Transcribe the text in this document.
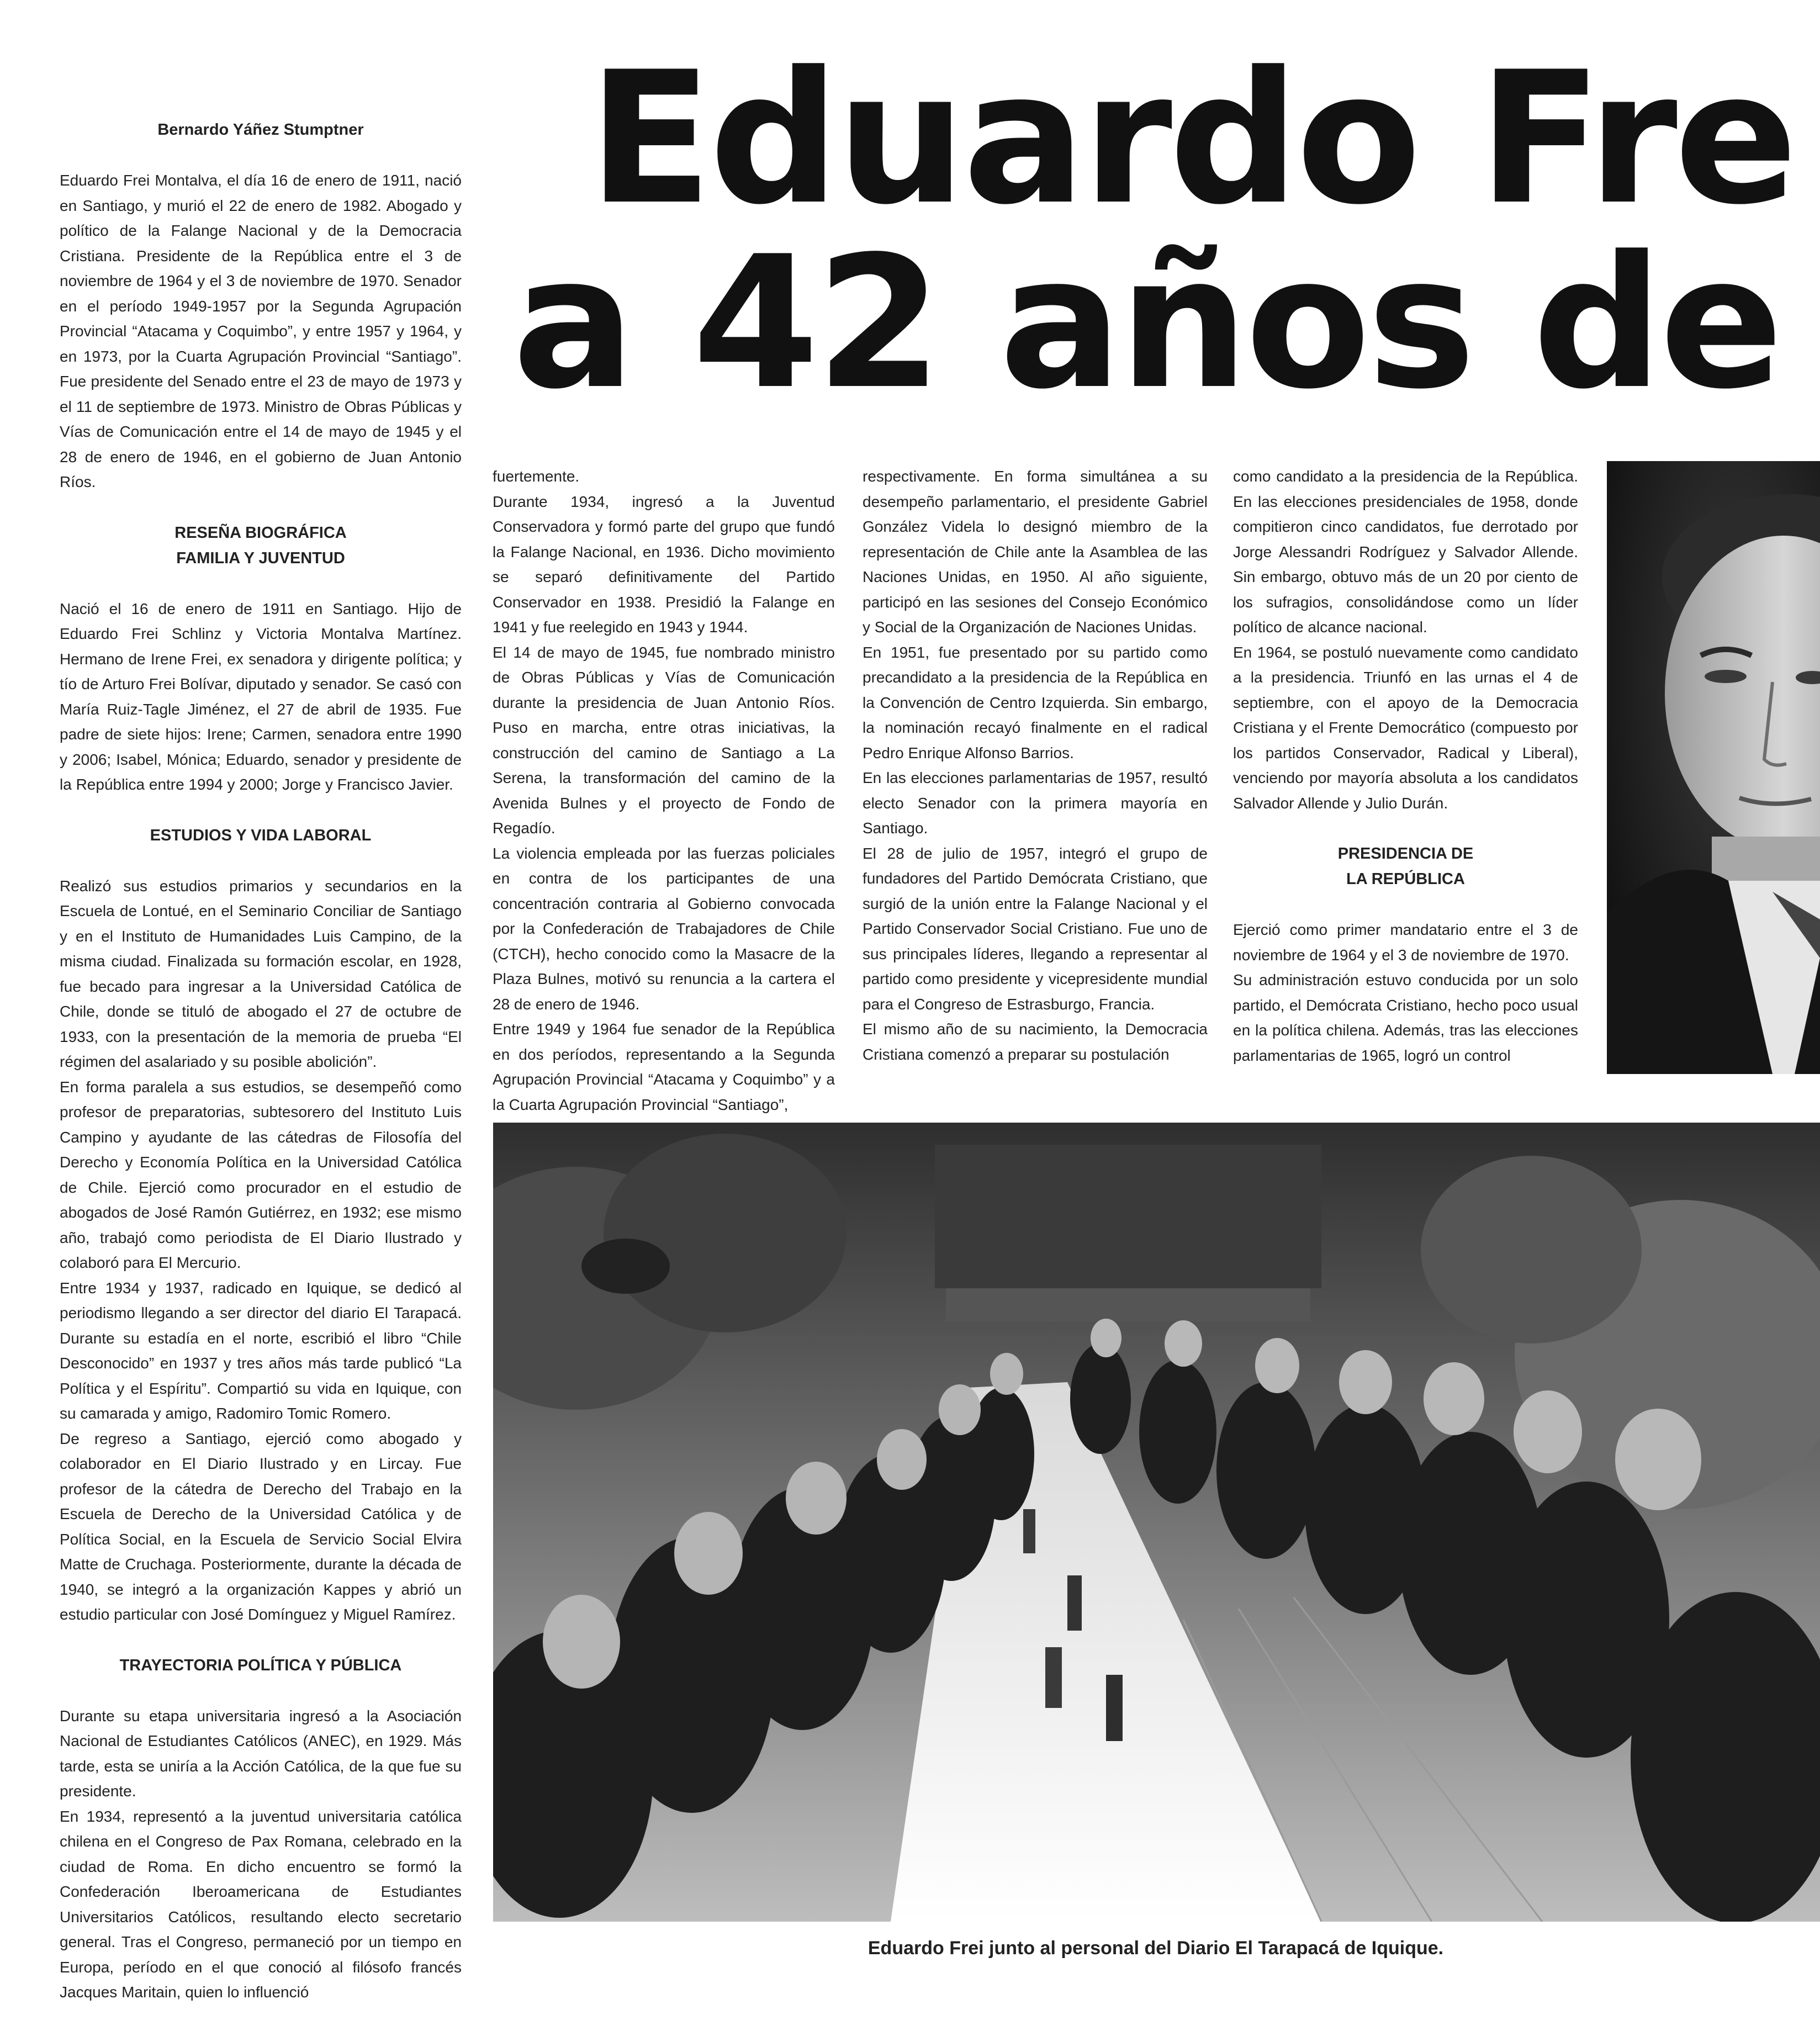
Eduardo Fre
a 42 años de
Bernardo Yáñez Stumptner

Eduardo Frei Montalva, el día 16 de enero de 1911, nació en Santiago, y murió el 22 de enero de 1982. Abogado y político de la Falange Nacional y de la Democracia Cristiana. Presidente de la República entre el 3 de noviembre de 1964 y el 3 de noviembre de 1970. Senador en el período 1949-1957 por la Segunda Agrupación Provincial “Atacama y Coquimbo”, y entre 1957 y 1964, y en 1973, por la Cuarta Agrupación Provincial “Santiago”. Fue presidente del Senado entre el 23 de mayo de 1973 y el 11 de septiembre de 1973. Ministro de Obras Públicas y Vías de Comunicación entre el 14 de mayo de 1945 y el 28 de enero de 1946, en el gobierno de Juan Antonio Ríos.

RESEÑA BIOGRÁFICA
FAMILIA Y JUVENTUD

Nació el 16 de enero de 1911 en Santiago. Hijo de Eduardo Frei Schlinz y Victoria Montalva Martínez. Hermano de Irene Frei, ex senadora y dirigente política; y tío de Arturo Frei Bolívar, diputado y senador. Se casó con María Ruiz-Tagle Jiménez, el 27 de abril de 1935. Fue padre de siete hijos: Irene; Carmen, senadora entre 1990 y 2006; Isabel, Mónica; Eduardo, senador y presidente de la República entre 1994 y 2000; Jorge y Francisco Javier.

ESTUDIOS Y VIDA LABORAL

Realizó sus estudios primarios y secundarios en la Escuela de Lontué, en el Seminario Conciliar de Santiago y en el Instituto de Humanidades Luis Campino, de la misma ciudad. Finalizada su formación escolar, en 1928, fue becado para ingresar a la Universidad Católica de Chile, donde se tituló de abogado el 27 de octubre de 1933, con la presentación de la memoria de prueba “El régimen del asalariado y su posible abolición”.

En forma paralela a sus estudios, se desempeñó como profesor de preparatorias, subtesorero del Instituto Luis Campino y ayudante de las cátedras de Filosofía del Derecho y Economía Política en la Universidad Católica de Chile. Ejerció como procurador en el estudio de abogados de José Ramón Gutiérrez, en 1932; ese mismo año, trabajó como periodista de El Diario Ilustrado y colaboró para El Mercurio.

Entre 1934 y 1937, radicado en Iquique, se dedicó al periodismo llegando a ser director del diario El Tarapacá. Durante su estadía en el norte, escribió el libro “Chile Desconocido” en 1937 y tres años más tarde publicó “La Política y el Espíritu”. Compartió su vida en Iquique, con su camarada y amigo, Radomiro Tomic Romero.

De regreso a Santiago, ejerció como abogado y colaborador en El Diario Ilustrado y en Lircay. Fue profesor de la cátedra de Derecho del Trabajo en la Escuela de Derecho de la Universidad Católica y de Política Social, en la Escuela de Servicio Social Elvira Matte de Cruchaga. Posteriormente, durante la década de 1940, se integró a la organización Kappes y abrió un estudio particular con José Domínguez y Miguel Ramírez.

TRAYECTORIA POLÍTICA Y PÚBLICA

Durante su etapa universitaria ingresó a la Asociación Nacional de Estudiantes Católicos (ANEC), en 1929. Más tarde, esta se uniría a la Acción Católica, de la que fue su presidente.

En 1934, representó a la juventud universitaria católica chilena en el Congreso de Pax Romana, celebrado en la ciudad de Roma. En dicho encuentro se formó la Confederación Iberoamericana de Estudiantes Universitarios Católicos, resultando electo secretario general. Tras el Congreso, permaneció por un tiempo en Europa, período en el que conoció al filósofo francés Jacques Maritain, quien lo influenció

fuertemente.

Durante 1934, ingresó a la Juventud Conservadora y formó parte del grupo que fundó la Falange Nacional, en 1936. Dicho movimiento se separó definitivamente del Partido Conservador en 1938. Presidió la Falange en 1941 y fue reelegido en 1943 y 1944.

El 14 de mayo de 1945, fue nombrado ministro de Obras Públicas y Vías de Comunicación durante la presidencia de Juan Antonio Ríos. Puso en marcha, entre otras iniciativas, la construcción del camino de Santiago a La Serena, la transformación del camino de la Avenida Bulnes y el proyecto de Fondo de Regadío.

La violencia empleada por las fuerzas policiales en contra de los participantes de una concentración contraria al Gobierno convocada por la Confederación de Trabajadores de Chile (CTCH), hecho conocido como la Masacre de la Plaza Bulnes, motivó su renuncia a la cartera el 28 de enero de 1946.

Entre 1949 y 1964 fue senador de la República en dos períodos, representando a la Segunda Agrupación Provincial “Atacama y Coquimbo” y a la Cuarta Agrupación Provincial “Santiago”,

respectivamente. En forma simultánea a su desempeño parlamentario, el presidente Gabriel González Videla lo designó miembro de la representación de Chile ante la Asamblea de las Naciones Unidas, en 1950. Al año siguiente, participó en las sesiones del Consejo Económico y Social de la Organización de Naciones Unidas.

En 1951, fue presentado por su partido como precandidato a la presidencia de la República en la Convención de Centro Izquierda. Sin embargo, la nominación recayó finalmente en el radical Pedro Enrique Alfonso Barrios.

En las elecciones parlamentarias de 1957, resultó electo Senador con la primera mayoría en Santiago.

El 28 de julio de 1957, integró el grupo de fundadores del Partido Demócrata Cristiano, que surgió de la unión entre la Falange Nacional y el Partido Conservador Social Cristiano. Fue uno de sus principales líderes, llegando a representar al partido como presidente y vicepresidente mundial para el Congreso de Estrasburgo, Francia.

El mismo año de su nacimiento, la Democracia Cristiana comenzó a preparar su postulación

como candidato a la presidencia de la República. En las elecciones presidenciales de 1958, donde compitieron cinco candidatos, fue derrotado por Jorge Alessandri Rodríguez y Salvador Allende. Sin embargo, obtuvo más de un 20 por ciento de los sufragios, consolidándose como un líder político de alcance nacional.

En 1964, se postuló nuevamente como candidato a la presidencia. Triunfó en las urnas el 4 de septiembre, con el apoyo de la Democracia Cristiana y el Frente Democrático (compuesto por los partidos Conservador, Radical y Liberal), venciendo por mayoría absoluta a los candidatos Salvador Allende y Julio Durán.

PRESIDENCIA DE
LA REPÚBLICA

Ejerció como primer mandatario entre el 3 de noviembre de 1964 y el 3 de noviembre de 1970.

Su administración estuvo conducida por un solo partido, el Demócrata Cristiano, hecho poco usual en la política chilena. Además, tras las elecciones parlamentarias de 1965, logró un control

Eduardo Frei junto al personal del Diario El Tarapacá de Iquique.
